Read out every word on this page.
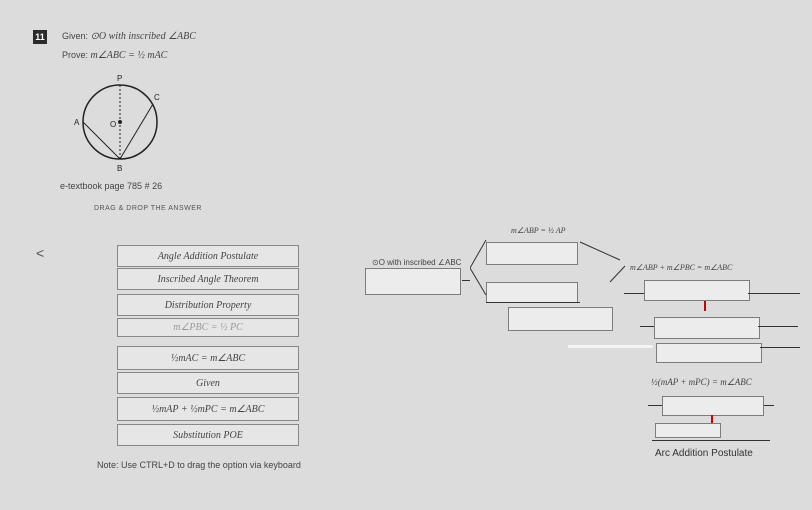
11 Given: ⊙O with inscribed ∠ABC
Prove: m∠ABC = ½ mAC
P
C
A	O
B
e-textbook page 785 # 26
DRAG & DROP THE ANSWER
<	Angle Addition Postulate
Inscribed Angle Theorem
Distribution Property
m∠PBC = ½ PC
½mAC = m∠ABC
Given
½mAP + ½mPC = m∠ABC
Substitution POE
Note: Use CTRL+D to drag the option via keyboard
m∠ABP = ½ AP
⊙O with inscribed ∠ABC
m∠ABP + m∠PBC = m∠ABC
½(mAP + mPC) = m∠ABC
Arc Addition Postulate
